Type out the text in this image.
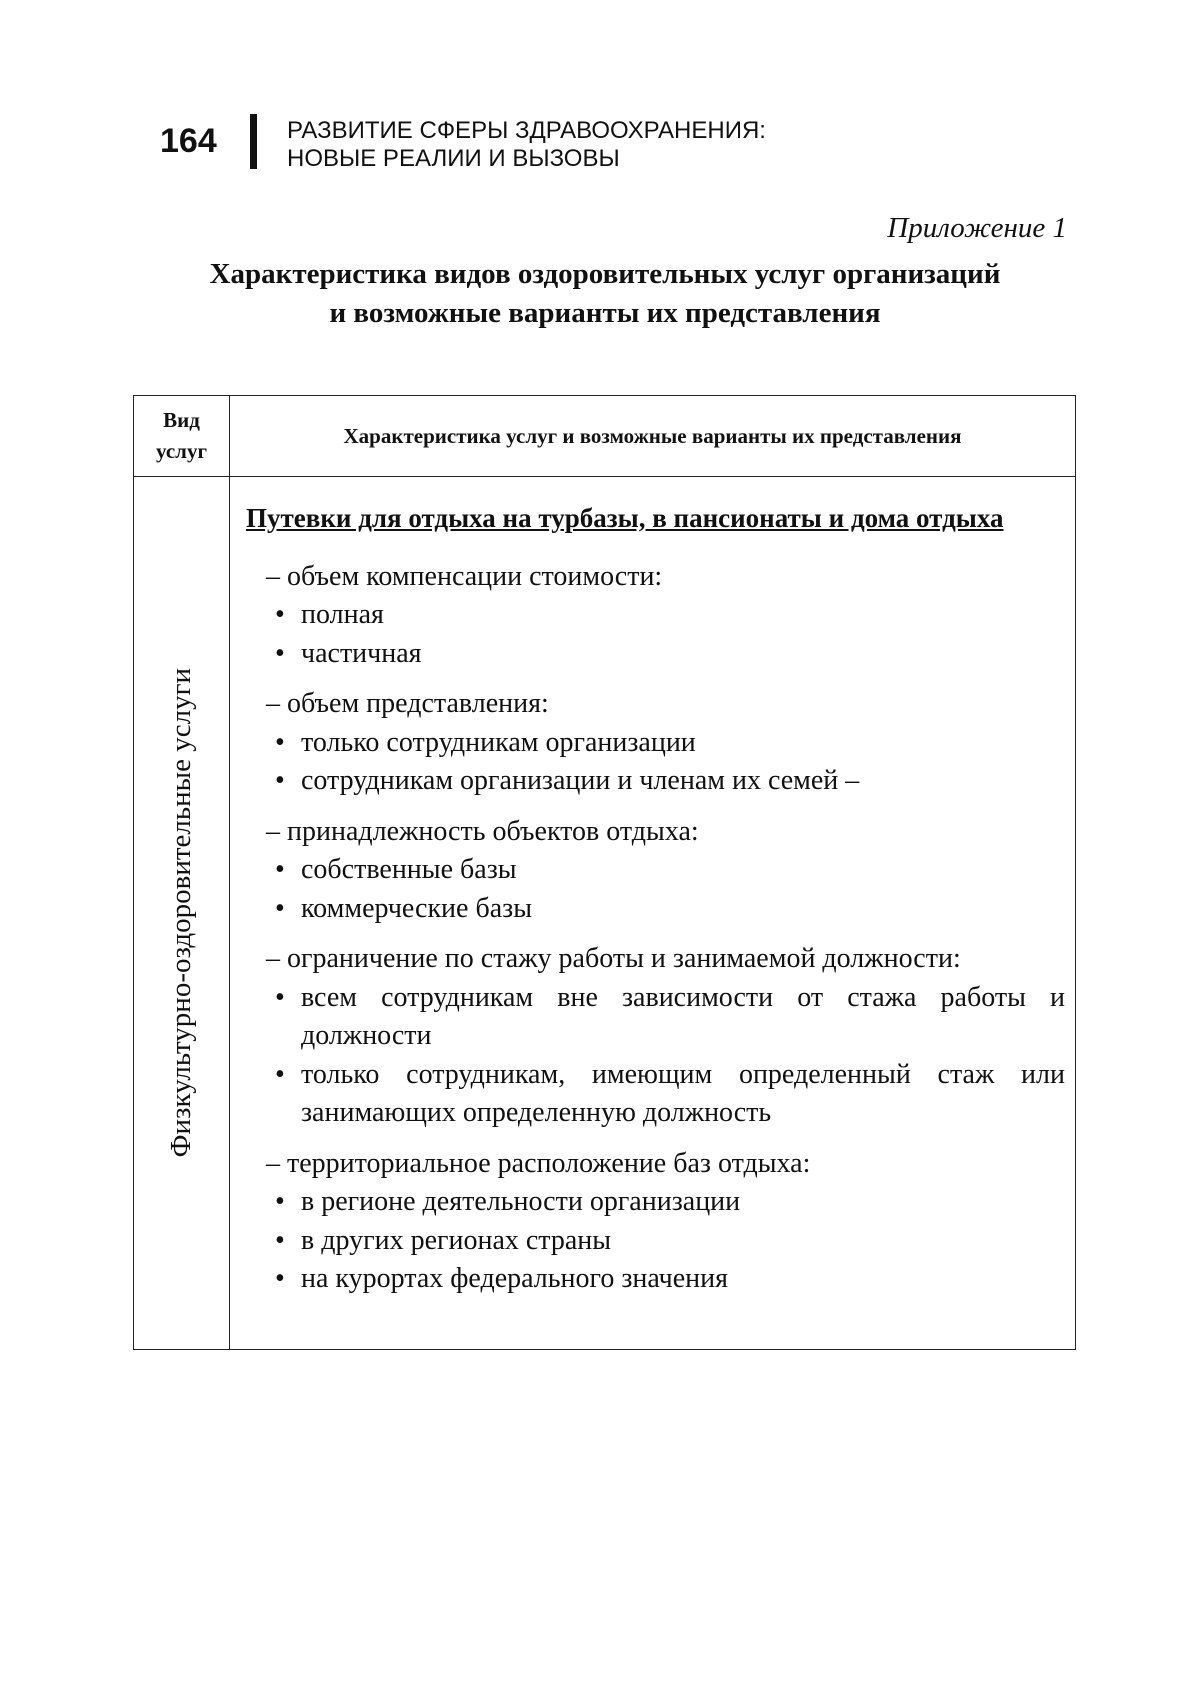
164	РАЗВИТИЕ СФЕРЫ ЗДРАВООХРАНЕНИЯ:
НОВЫЕ РЕАЛИИ И ВЫЗОВЫ
Приложение 1
Характеристика видов оздоровительных услуг организаций
и возможные варианты их представления
Вид
услуг
Характеристика услуг и возможные варианты их представления
Физкультурно-оздоровительные услуги
Путевки для отдыха на турбазы, в пансионаты и дома отдыха
– объем компенсации стоимости:
• полная
• частичная
– объем представления:
• только сотрудникам организации
• сотрудникам организации и членам их семей –
– принадлежность объектов отдыха:
• собственные базы
• коммерческие базы
– ограничение по стажу работы и занимаемой должности:
• всем сотрудникам вне зависимости от стажа работы и должности
• только сотрудникам, имеющим определенный стаж или занимающих определенную должность
– территориальное расположение баз отдыха:
• в регионе деятельности организации
• в других регионах страны
• на курортах федерального значения
